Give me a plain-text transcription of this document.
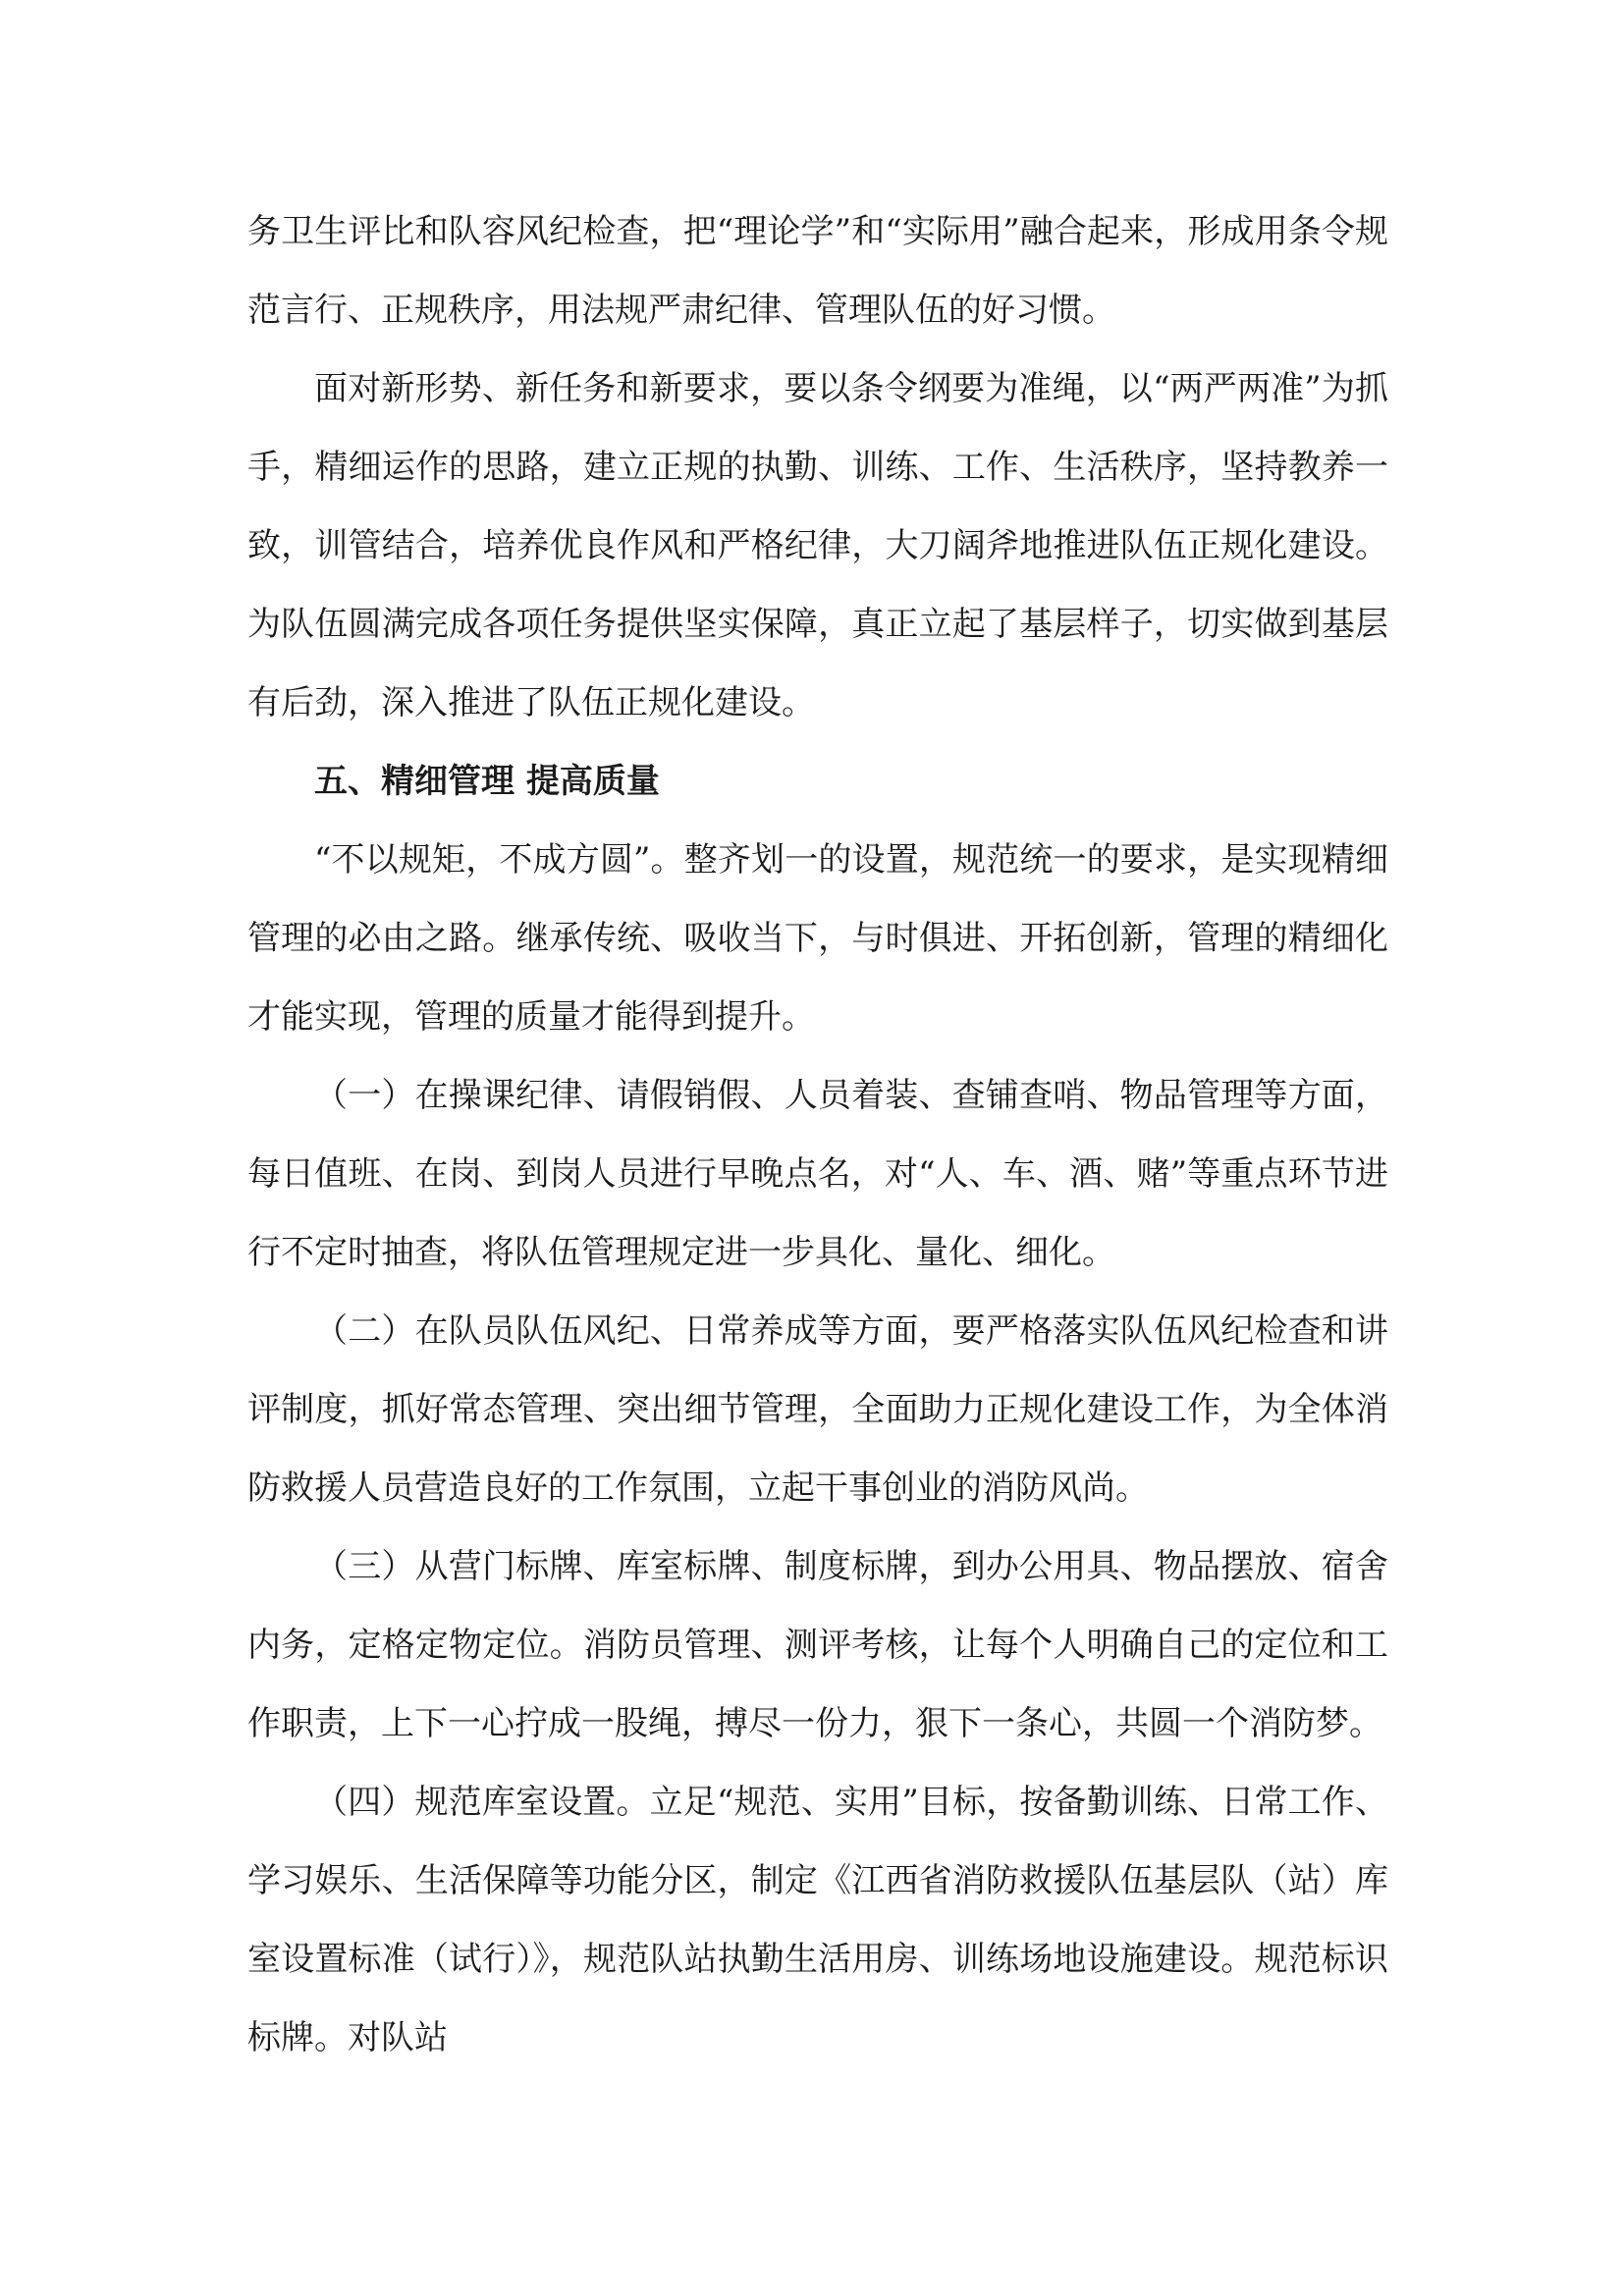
务卫生评比和队容风纪检查，把“理论学”和“实际用”融合起来，形成用条令规范言行、正规秩序，用法规严肃纪律、管理队伍的好习惯。

面对新形势、新任务和新要求，要以条令纲要为准绳，以“两严两准”为抓手，精细运作的思路，建立正规的执勤、训练、工作、生活秩序，坚持教养一致，训管结合，培养优良作风和严格纪律，大刀阔斧地推进队伍正规化建设。为队伍圆满完成各项任务提供坚实保障，真正立起了基层样子，切实做到基层有后劲，深入推进了队伍正规化建设。

五、精细管理 提高质量

“不以规矩，不成方圆”。整齐划一的设置，规范统一的要求，是实现精细管理的必由之路。继承传统、吸收当下，与时俱进、开拓创新，管理的精细化才能实现，管理的质量才能得到提升。

（一）在操课纪律、请假销假、人员着装、查铺查哨、物品管理等方面，每日值班、在岗、到岗人员进行早晚点名，对“人、车、酒、赌”等重点环节进行不定时抽查，将队伍管理规定进一步具化、量化、细化。

（二）在队员队伍风纪、日常养成等方面，要严格落实队伍风纪检查和讲评制度，抓好常态管理、突出细节管理，全面助力正规化建设工作，为全体消防救援人员营造良好的工作氛围，立起干事创业的消防风尚。

（三）从营门标牌、库室标牌、制度标牌，到办公用具、物品摆放、宿舍内务，定格定物定位。消防员管理、测评考核，让每个人明确自己的定位和工作职责，上下一心拧成一股绳，搏尽一份力，狠下一条心，共圆一个消防梦。

（四）规范库室设置。立足“规范、实用”目标，按备勤训练、日常工作、学习娱乐、生活保障等功能分区，制定《江西省消防救援队伍基层队（站）库室设置标准（试行）》，规范队站执勤生活用房、训练场地设施建设。规范标识标牌。对队站
